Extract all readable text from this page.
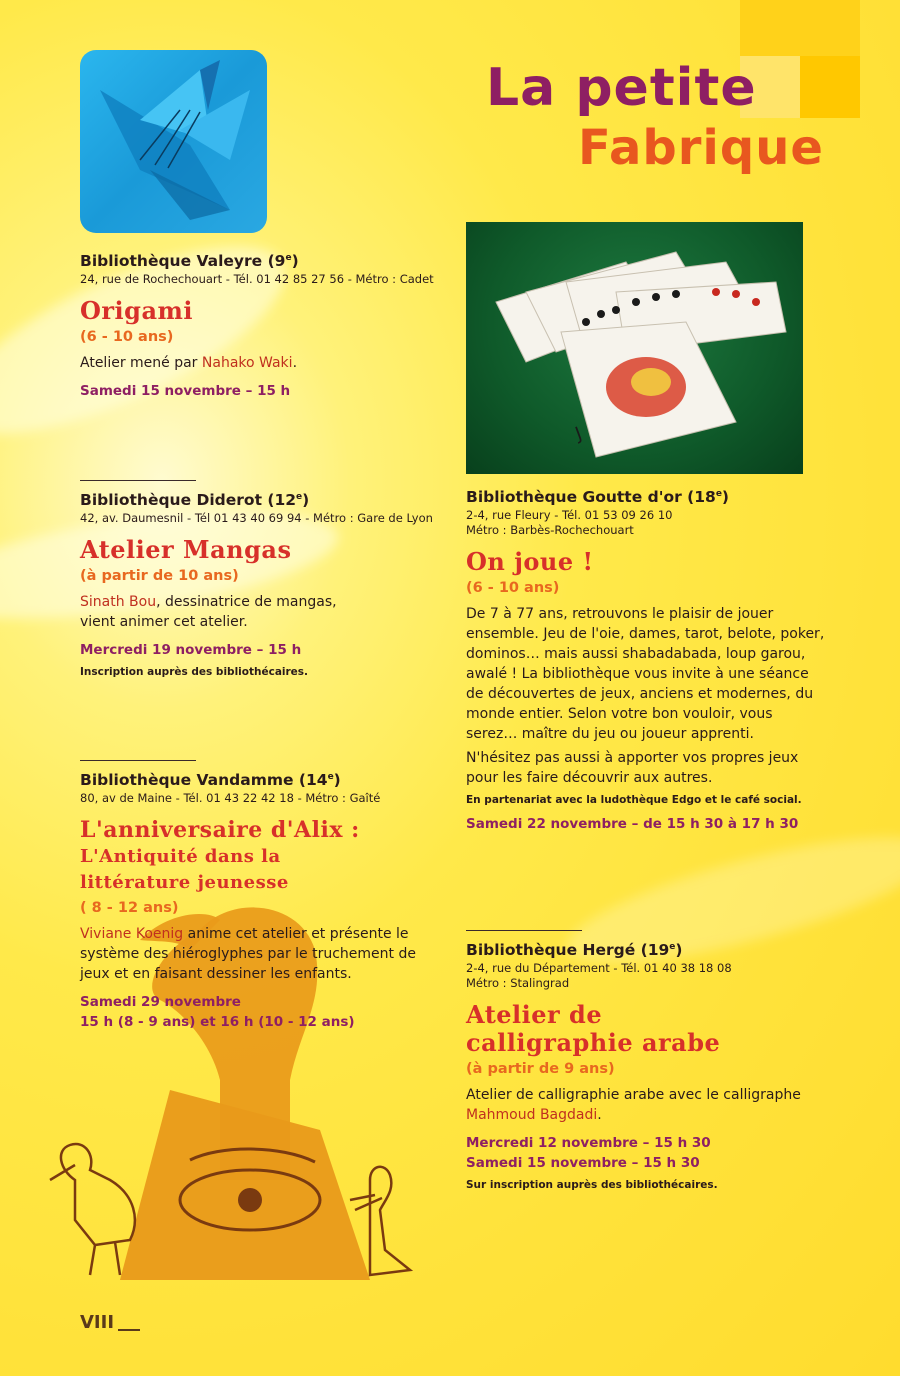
La petite
Fabrique
J
Bibliothèque Valeyre (9e)
24, rue de Rochechouart - Tél. 01 42 85 27 56 - Métro : Cadet
Origami
(6 - 10 ans)
Atelier mené par Nahako Waki.
Samedi 15 novembre – 15 h
Bibliothèque Diderot (12e)
42, av. Daumesnil - Tél 01 43 40 69 94 - Métro : Gare de Lyon
Atelier Mangas
(à partir de 10 ans)
Sinath Bou, dessinatrice de mangas, vient animer cet atelier.
Mercredi 19 novembre – 15 h
Inscription auprès des bibliothécaires.
Bibliothèque Vandamme (14e)
80, av de Maine - Tél. 01 43 22 42 18 - Métro : Gaîté
L'anniversaire d'Alix :
L'Antiquité dans la littérature jeunesse
( 8 - 12 ans)
Viviane Koenig anime cet atelier et présente le système des hiéroglyphes par le truchement de jeux et en faisant dessiner les enfants.
Samedi 29 novembre
15 h (8 - 9 ans) et 16 h (10 - 12 ans)
Bibliothèque Goutte d'or (18e)
2-4, rue Fleury - Tél. 01 53 09 26 10
Métro : Barbès-Rochechouart
On joue !
(6 - 10 ans)
De 7 à 77 ans, retrouvons le plaisir de jouer ensemble. Jeu de l'oie, dames, tarot, belote, poker, dominos… mais aussi shabadabada, loup garou, awalé ! La bibliothèque vous invite à une séance de découvertes de jeux, anciens et modernes, du monde entier. Selon votre bon vouloir, vous serez… maître du jeu ou joueur apprenti.
N'hésitez pas aussi à apporter vos propres jeux pour les faire découvrir aux autres.
En partenariat avec la ludothèque Edgo et le café social.
Samedi 22 novembre – de 15 h 30 à 17 h 30
Bibliothèque Hergé (19e)
2-4, rue du Département - Tél. 01 40 38 18 08
Métro : Stalingrad
Atelier de calligraphie arabe
(à partir de 9 ans)
Atelier de calligraphie arabe avec le calligraphe Mahmoud Bagdadi.
Mercredi 12 novembre – 15 h 30
Samedi 15 novembre – 15 h 30
Sur inscription auprès des bibliothécaires.
VIII
